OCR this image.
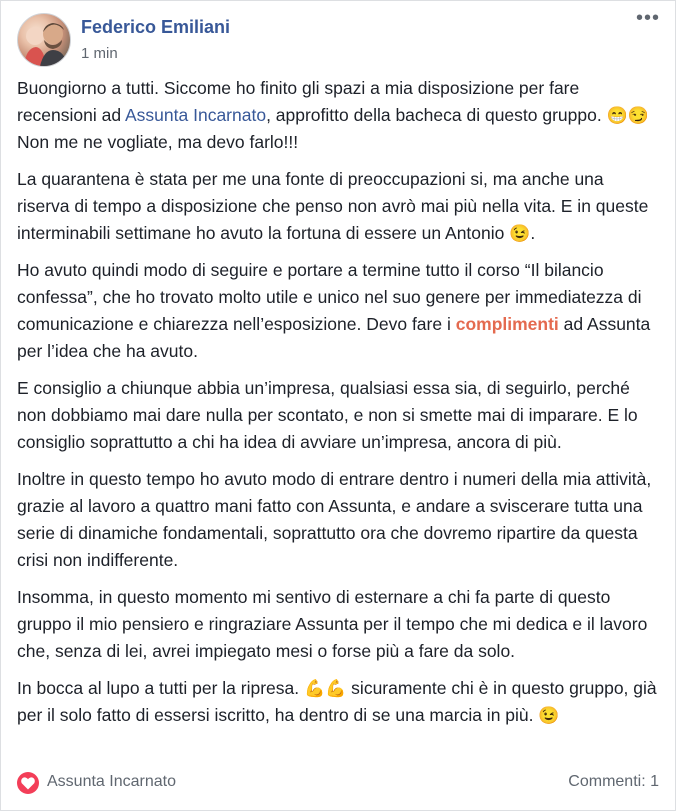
Federico Emiliani
1 min
•••

Buongiorno a tutti. Siccome ho finito gli spazi a mia disposizione per fare recensioni ad Assunta Incarnato, approfitto della bacheca di questo gruppo. 😁😏 Non me ne vogliate, ma devo farlo!!!

La quarantena è stata per me una fonte di preoccupazioni si, ma anche una riserva di tempo a disposizione che penso non avrò mai più nella vita. E in queste interminabili settimane ho avuto la fortuna di essere un Antonio 😉.

Ho avuto quindi modo di seguire e portare a termine tutto il corso “Il bilancio confessa”, che ho trovato molto utile e unico nel suo genere per immediatezza di comunicazione e chiarezza nell’esposizione. Devo fare i complimenti ad Assunta per l’idea che ha avuto.

E consiglio a chiunque abbia un’impresa, qualsiasi essa sia, di seguirlo, perché non dobbiamo mai dare nulla per scontato, e non si smette mai di imparare. E lo consiglio soprattutto a chi ha idea di avviare un’impresa, ancora di più.

Inoltre in questo tempo ho avuto modo di entrare dentro i numeri della mia attività, grazie al lavoro a quattro mani fatto con Assunta, e andare a sviscerare tutta una serie di dinamiche fondamentali, soprattutto ora che dovremo ripartire da questa crisi non indifferente.

Insomma, in questo momento mi sentivo di esternare a chi fa parte di questo gruppo il mio pensiero e ringraziare Assunta per il tempo che mi dedica e il lavoro che, senza di lei, avrei impiegato mesi o forse più a fare da solo.

In bocca al lupo a tutti per la ripresa. 💪💪 sicuramente chi è in questo gruppo, già per il solo fatto di essersi iscritto, ha dentro di se una marcia in più. 😉

Assunta Incarnato	Commenti: 1
